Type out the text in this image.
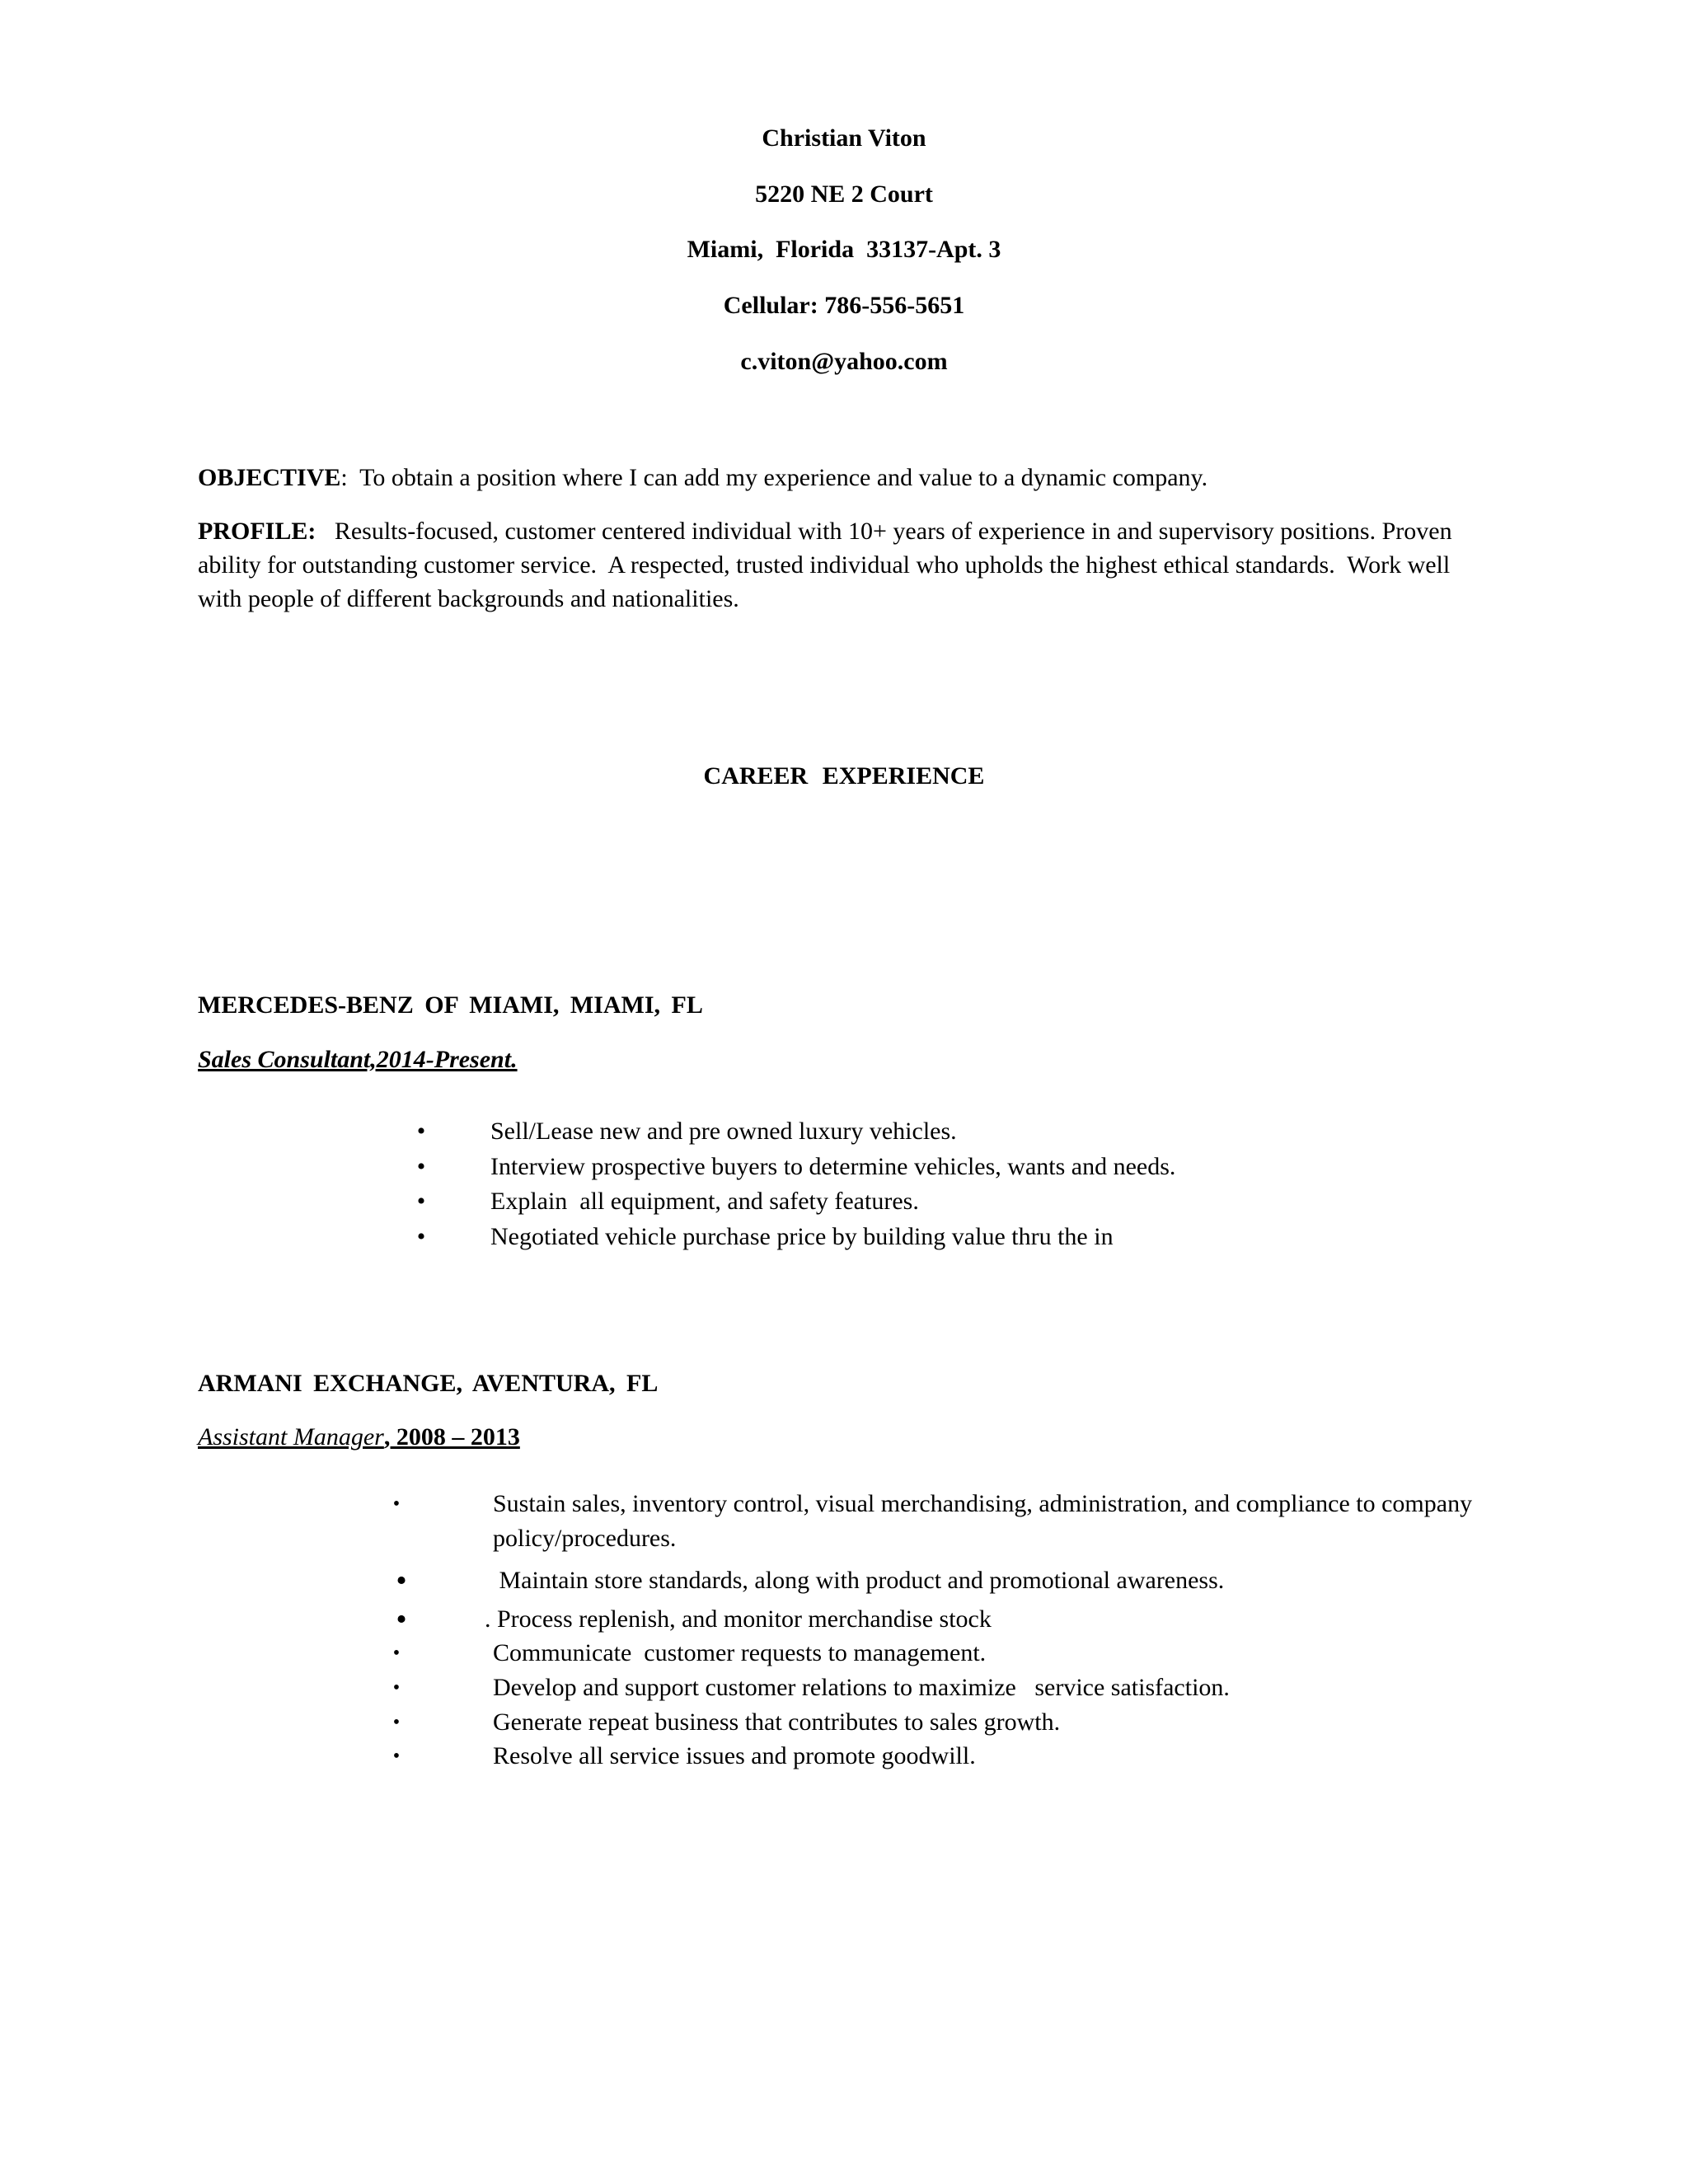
Christian Viton
5220 NE 2 Court
Miami,  Florida  33137-Apt. 3
Cellular: 786-556-5651
c.viton@yahoo.com
OBJECTIVE:  To obtain a position where I can add my experience and value to a dynamic company.
PROFILE:   Results-focused, customer centered individual with 10+ years of experience in and supervisory positions. Proven ability for outstanding customer service.  A respected, trusted individual who upholds the highest ethical standards.  Work well with people of different backgrounds and nationalities.
CAREER EXPERIENCE
MERCEDES-BENZ OF MIAMI, MIAMI, FL
Sales Consultant,2014-Present.
•	Sell/Lease new and pre owned luxury vehicles.
•	Interview prospective buyers to determine vehicles, wants and needs.
•	Explain  all equipment, and safety features.
•	Negotiated vehicle purchase price by building value thru the in
ARMANI EXCHANGE, AVENTURA, FL
Assistant Manager, 2008 – 2013
•	Sustain sales, inventory control, visual merchandising, administration, and compliance to company policy/procedures.
•	Maintain store standards, along with product and promotional awareness.
•	. Process replenish, and monitor merchandise stock
•	Communicate  customer requests to management.
•	Develop and support customer relations to maximize   service satisfaction.
•	Generate repeat business that contributes to sales growth.
•	Resolve all service issues and promote goodwill.
